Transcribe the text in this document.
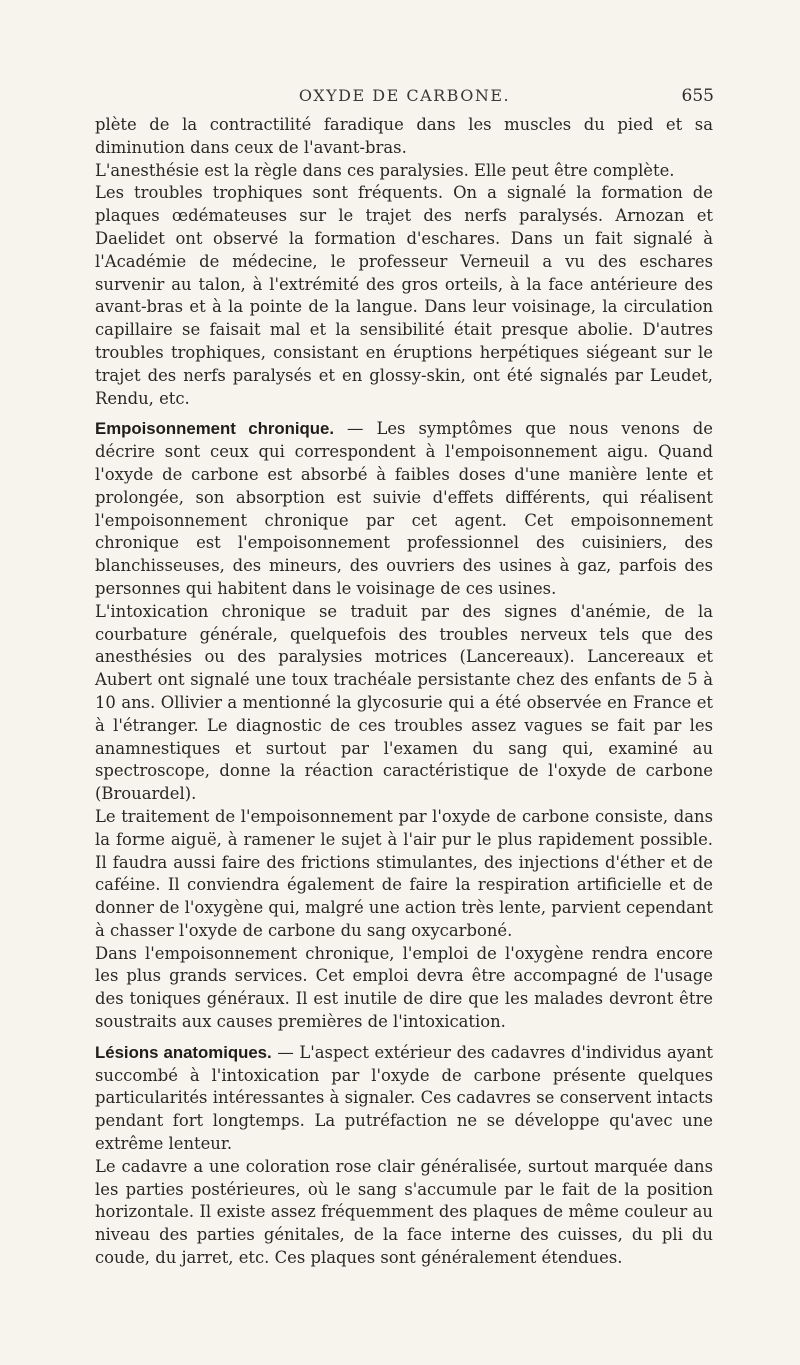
OXYDE DE CARBONE.	655

plète de la contractilité faradique dans les muscles du pied et sa diminution dans ceux de l'avant-bras.

L'anesthésie est la règle dans ces paralysies. Elle peut être complète.

Les troubles trophiques sont fréquents. On a signalé la formation de plaques œdémateuses sur le trajet des nerfs paralysés. Arnozan et Daelidet ont observé la formation d'eschares. Dans un fait signalé à l'Académie de médecine, le professeur Verneuil a vu des eschares survenir au talon, à l'extrémité des gros orteils, à la face antérieure des avant-bras et à la pointe de la langue. Dans leur voisinage, la circulation capillaire se faisait mal et la sensibilité était presque abolie. D'autres troubles trophiques, consistant en éruptions herpétiques siégeant sur le trajet des nerfs paralysés et en glossy-skin, ont été signalés par Leudet, Rendu, etc.

Empoisonnement chronique. — Les symptômes que nous venons de décrire sont ceux qui correspondent à l'empoisonnement aigu. Quand l'oxyde de carbone est absorbé à faibles doses d'une manière lente et prolongée, son absorption est suivie d'effets différents, qui réalisent l'empoisonnement chronique par cet agent. Cet empoisonnement chronique est l'empoisonnement professionnel des cuisiniers, des blanchisseuses, des mineurs, des ouvriers des usines à gaz, parfois des personnes qui habitent dans le voisinage de ces usines.

L'intoxication chronique se traduit par des signes d'anémie, de la courbature générale, quelquefois des troubles nerveux tels que des anesthésies ou des paralysies motrices (Lancereaux). Lancereaux et Aubert ont signalé une toux trachéale persistante chez des enfants de 5 à 10 ans. Ollivier a mentionné la glycosurie qui a été observée en France et à l'étranger. Le diagnostic de ces troubles assez vagues se fait par les anamnestiques et surtout par l'examen du sang qui, examiné au spectroscope, donne la réaction caractéristique de l'oxyde de carbone (Brouardel).

Le traitement de l'empoisonnement par l'oxyde de carbone consiste, dans la forme aiguë, à ramener le sujet à l'air pur le plus rapidement possible. Il faudra aussi faire des frictions stimulantes, des injections d'éther et de caféine. Il conviendra également de faire la respiration artificielle et de donner de l'oxygène qui, malgré une action très lente, parvient cependant à chasser l'oxyde de carbone du sang oxycarboné.

Dans l'empoisonnement chronique, l'emploi de l'oxygène rendra encore les plus grands services. Cet emploi devra être accompagné de l'usage des toniques généraux. Il est inutile de dire que les malades devront être soustraits aux causes premières de l'intoxication.

Lésions anatomiques. — L'aspect extérieur des cadavres d'individus ayant succombé à l'intoxication par l'oxyde de carbone présente quelques particularités intéressantes à signaler. Ces cadavres se conservent intacts pendant fort longtemps. La putréfaction ne se développe qu'avec une extrême lenteur.

Le cadavre a une coloration rose clair généralisée, surtout marquée dans les parties postérieures, où le sang s'accumule par le fait de la position horizontale. Il existe assez fréquemment des plaques de même couleur au niveau des parties génitales, de la face interne des cuisses, du pli du coude, du jarret, etc. Ces plaques sont généralement étendues.
